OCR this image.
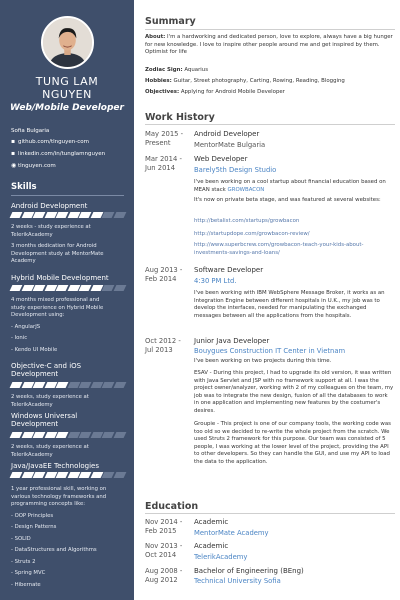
TUNG LAM
NGUYEN
Web/Mobile Developer
Sofia Bulgaria
▪ github.com/tlnguyen-com
▪ linkedin.com/in/tunglamnguyen
◉ tlnguyen.com
Skills
Android Development
2 weeks - study experience at
TelerikAcademy
3 months dedication for Android
Development study at MentorMate
Academy
Hybrid Mobile Development
4 months mixed professional and
study experience on Hybrid Mobile
Development using:
- AngularJS
- Ionic
- Kendo UI Mobile
Objective-C and iOS Development
2 weeks, study experience at
TelerikAcademy
Windows Universal Development
2 weeks, study experience at
TelerikAcademy
Java/JavaEE Technologies
1 year professional skill, working on
various technology frameworks and
programming concepts like:
- OOP Principles
- Design Patterns
- SOLID
- DataStructures and Algorithms
- Struts 2
- Spring MVC
- Hibernate
Summary
About: I'm a hardworking and dedicated person, love to explore, always have a big hunger for new knowledge. I love to inspire other people around me and get inspired by them. Optimist for life
Zodiac Sign: Aquarius
Hobbies: Guitar, Street photography, Carting, Rowing, Reading, Blogging
Objectives: Applying for Android Mobile Developer
Work History
May 2015 -
Present
Android Developer
MentorMate Bulgaria
Mar 2014 -
Jun 2014
Web Developer
Barely5th Design Studio
I've been working on a cool startup about financial education based on MEAN stack GROWBACON
It's now on private beta stage, and was featured at several websites:
http://betalist.com/startups/growbacon
http://startupdope.com/growbacon-review/
http://www.superbcrew.com/growbacon-teach-your-kids-about-investments-savings-and-loans/
Aug 2013 -
Feb 2014
Software Developer
4:30 PM Ltd.
I've been working with IBM WebSphere Message Broker, it works as an Integration Engine between different hospitals in U.K., my job was to develop the interfaces, needed for manipulating the exchanged messages between all the applications from the hospitals.
Oct 2012 -
Jul 2013
Junior Java Developer
Bouygues Construction IT Center in Vietnam
I've been working on two projects during this time.
ESAV - During this project, I had to upgrade its old version, it was written with Java Servlet and JSP with no framework support at all. I was the project owner/analyzer, working with 2 of my colleagues on the team, my job was to integrate the new design, fusion of all the databases to work in one application and implementing new features by the costumer's desires.
Groupie - This project is one of our company tools, the working code was too old so we decided to re-write the whole project from the scratch. We used Struts 2 framework for this purpose. Our team was consisted of 5 people, I was working at the lower level of the project, providing the API to other developers. So they can handle the GUI, and use my API to load the data to the application.
Education
Nov 2014 -
Feb 2015
Academic
MentorMate Academy
Nov 2013 -
Oct 2014
Academic
TelerikAcademy
Aug 2008 -
Aug 2012
Bachelor of Engineering (BEng)
Technical University Sofia
